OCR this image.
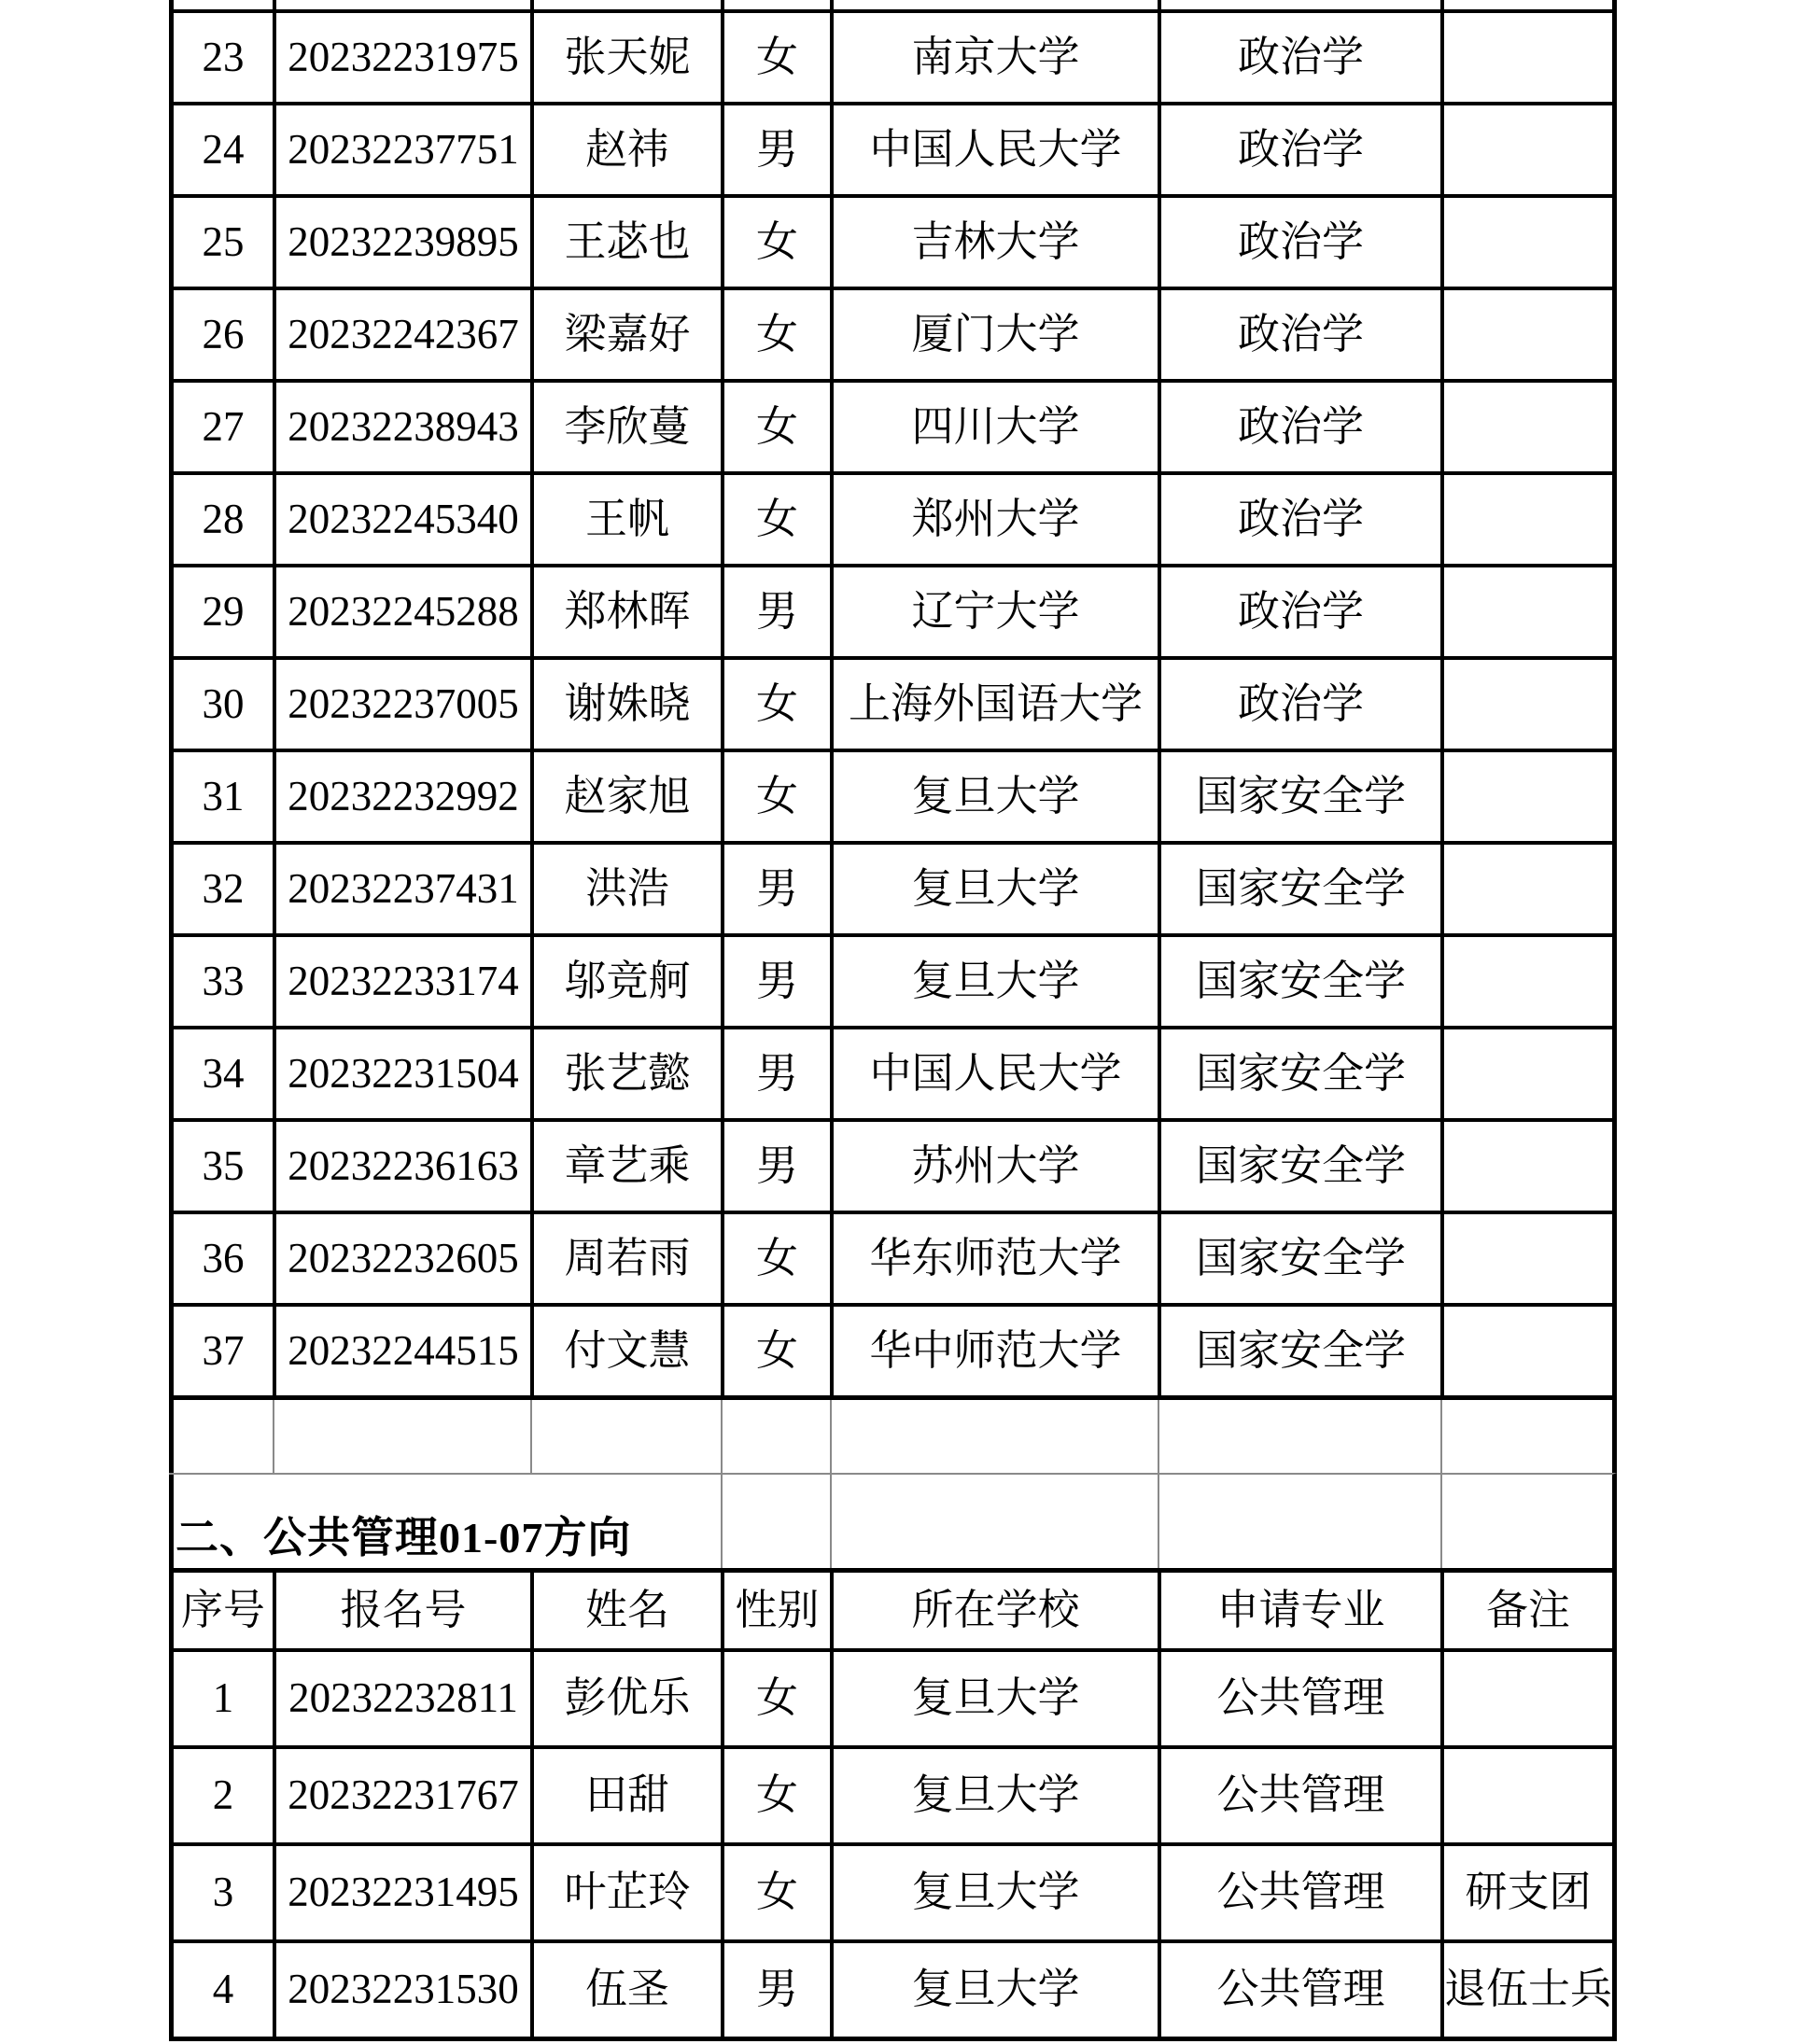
23	20232231975	张天妮	女	南京大学	政治学
24	20232237751	赵祎	男	中国人民大学	政治学
25	20232239895	王苾也	女	吉林大学	政治学
26	20232242367	梁嘉好	女	厦门大学	政治学
27	20232238943	李欣蔓	女	四川大学	政治学
28	20232245340	王帆	女	郑州大学	政治学
29	20232245288	郑林晖	男	辽宁大学	政治学
30	20232237005	谢姝晓	女	上海外国语大学	政治学
31	20232232992	赵家旭	女	复旦大学	国家安全学
32	20232237431	洪浩	男	复旦大学	国家安全学
33	20232233174	邬竞舸	男	复旦大学	国家安全学
34	20232231504	张艺懿	男	中国人民大学	国家安全学
35	20232236163	章艺乘	男	苏州大学	国家安全学
36	20232232605	周若雨	女	华东师范大学	国家安全学
37	20232244515	付文慧	女	华中师范大学	国家安全学
二、公共管理01-07方向
序号	报名号	姓名	性别	所在学校	申请专业	备注
1	20232232811	彭优乐	女	复旦大学	公共管理
2	20232231767	田甜	女	复旦大学	公共管理
3	20232231495	叶芷玲	女	复旦大学	公共管理	研支团
4	20232231530	伍圣	男	复旦大学	公共管理	退伍士兵
